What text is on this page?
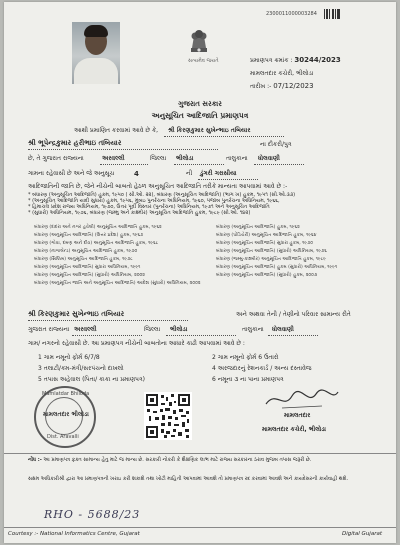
સત્યમેવ જયતે
2300011000003284
પ્રમાણપત્ર ક્રમાંક : 30244/2023
મામલતદાર કચેરી, ભીલોડા
તારીખ :- 07/12/2023
ગુજરાત સરકાર
અનુસૂચિત આદિજાતિ પ્રમાણપત્ર
આથી પ્રમાણિત કરવામાં આવે છે કે, શ્રી કિરણકુમાર સુખેન્ભાઇ તબિયાર
શ્રી ભૂપેન્દ્રકુમાર હરીભાઇ તબિયાર	ના દીકરી/પુત્ર
છે, તે ગુજરાત રાજ્યના	અરવલ્લી	જિલ્લા ભીલોડા	તાલુકાના ધોલવાણી
ગામના રહેવાસી છે અને જે અનુસૂચ	4	ની ડુંગરી ગરાસીયા
આદિજાતિની જાતિ છે, જેને નીચેની બાબતો હેઠળ અનુસૂચિત આદિજાતિ તરીકે માન્યતા આપવામાં આવે છે :-
* બંધારણ (અનુસૂચિત આદિજાતિ) હુકમ, ૧૯૫૦ ( સી.ઓ. ૨૨), બંધારણ (અનુસૂચિત આદિજાતિ) (ભાગ ખ) હુકમ, ૧૯૫૧ (સી.ઓ.૩૩)
* (અનુસૂચિત આદિજાતિ યાદી સુધારા) હુકમ, ૧૯૫૬, મુંબઇ પુનર્રચના અધિનિયમ, ૧૯૬૦, પંજાબ પુનર્રચના અધિનિયમ, ૧૯૬૬,
* હિમાચલ પ્રદેશ રાજ્ય અધિનિયમ, ૧૯૭૦, ઉત્તર પૂર્વી વિસ્તાર (પુનર્રચના) અધિનિયમ, ૧૯૭૧ અને અનુસૂચિત આદિજાતિ
* (સુધારો) અધિનિયમ, ૧૯૭૬, બંધારણ (જમ્મુ અને કાશ્મીર) અનુસૂચિત આદિજાતિ હુકમ, ૧૯૮૯ (સી.ઓ. ૧૪૨)
બંધારણ (દાદરા અને નગર હવેલી) અનુસૂચિત આદિજાતિ હુકમ, ૧૯૬૨
બંધારણ (અનુસૂચિત આદિજાતિ) (ઉત્તર પ્રદેશ) હુકમ, ૧૯૬૭
બંધારણ (ગોવા, દમણ અને દીવ) અનુસૂચિત આદિજાતિ હુકમ, ૧૯૬૮
બંધારણ (નાગાલેન્ડ) અનુસૂચિત આદિજાતિ હુકમ, ૧૯૭૦
બંધારણ (સિક્કિમ) અનુસૂચિત આદિજાતિ હુકમ, ૧૯૭૮
બંધારણ (અનુસૂચિત આદિજાતિ) સુધારા અધિનિયમ, ૧૯૯૧
બંધારણ (અનુસૂચિત આદિજાતિ) (સુધારો) અધિનિયમ, ૨૦૦૨
બંધારણ (અનુસૂચિત જાતિ અને અનુસૂચિત આદિજાતિ) આદેશ (સુધારો) અધિનિયમ, ૨૦૦૨
બંધારણ (અનુસૂચિત આદિજાતિ) હુકમ, ૧૯૬૨
બંધારણ (પોંડિચેરી) અનુસૂચિત આદિજાતિ હુકમ, ૧૯૬૪
બંધારણ (અનુસૂચિત આદિજાતિ) સુધારા હુકમ, ૧૯૭૦
બંધારણ (અનુસૂચિત આદિજાતિ) (સુધારો) અધિનિયમ, ૧૯૭૬
બંધારણ (જમ્મુ-કાશ્મીર) અનુસૂચિત આદિજાતિ હુકમ, ૧૯૮૯
બંધારણ (અનુસૂચિત આદિજાતિ) હુકમ (સુધારો) અધિનિયમ, ૧૯૯૧
બંધારણ (અનુસૂચિત આદિજાતિ) (સુધારો) હુકમ, ૨૦૦૩
શ્રી કિરણકુમાર સુખેન્ભાઇ તબિયાર	અને અથવા તેની / તેણીનો પરિવાર સામાન્ય રીતે
ગુજરાત રાજ્યના અરવલ્લી	જિલ્લા ભીલોડા	તાલુકાના ધોલવાણી
ગામ/ નગરનો રહેવાસી છે. આ પ્રમાણપત્ર નીચેની બાબતોના આધારે કાઢી આપવામાં આવે છે :
1 ગામ નમૂનો ફોર્મ 6/7/8	2 ગામ નમૂનો ફોર્મ 6 ઉતારો
3 તલાટી/કમ-મંત્રી/સરપંચનો દાખલો	4 અરજદારનું રેશનકાર્ડ / અન્ય દસ્તાવેજ
5 તપાસ અહેવાલ (પિતા/ કાકા ના પ્રમાણપત્ર)	6 નમૂના ૩ ના પાના પ્રમાણપત્ર
Mamlatdar Bhiloda
મામલતદાર ભીલોડા
Dist. Aravalli
મામલતદાર
મામલતદાર કચેરી, ભીલોડા
નોંધ :- આ પ્રમાણપત્ર ફક્ત સામાન્ય હેતુ માટે જ માન્ય છે. સરકારી નોકરી કે શૈક્ષણિક લાભ માટે રાજ્ય સરકારના ઠરાવ મુજબ તપાસ જરૂરી છે.
સક્ષમ અધિકારીશ્રી દ્વારા આ પ્રમાણપત્રની ખરાઇ કરી શકાશે તથા ખોટી માહિતી આપવામાં આવશે તો પ્રમાણપત્ર રદ કરવામાં આવશે અને કાયદેસરની કાર્યવાહી થશે.
RHO - 5688/23
Courtesy :- National Informatics Centre, Gujarat	Digital Gujarat
